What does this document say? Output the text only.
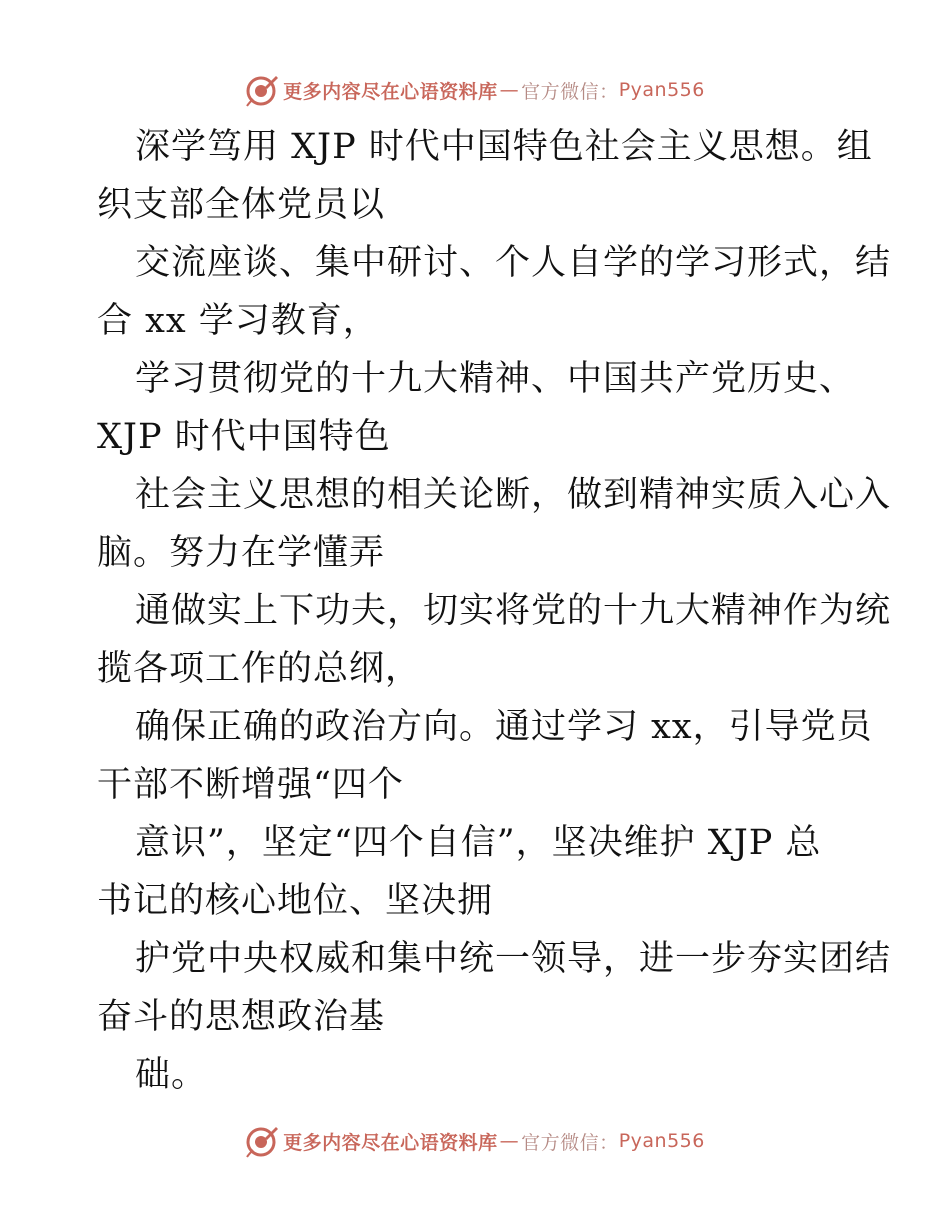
更多内容尽在心语资料库 — 官方微信： Pyan556
深学笃用 XJP 时代中国特色社会主义思想。组
织支部全体党员以
交流座谈、集中研讨、个人自学的学习形式，结
合 xx 学习教育，
学习贯彻党的十九大精神、中国共产党历史、
XJP 时代中国特色
社会主义思想的相关论断，做到精神实质入心入
脑。努力在学懂弄
通做实上下功夫，切实将党的十九大精神作为统
揽各项工作的总纲，
确保正确的政治方向。通过学习 xx，引导党员
干部不断增强“四个
意识”，坚定“四个自信”，坚决维护 XJP 总
书记的核心地位、坚决拥
护党中央权威和集中统一领导，进一步夯实团结
奋斗的思想政治基
础。
更多内容尽在心语资料库 — 官方微信： Pyan556
